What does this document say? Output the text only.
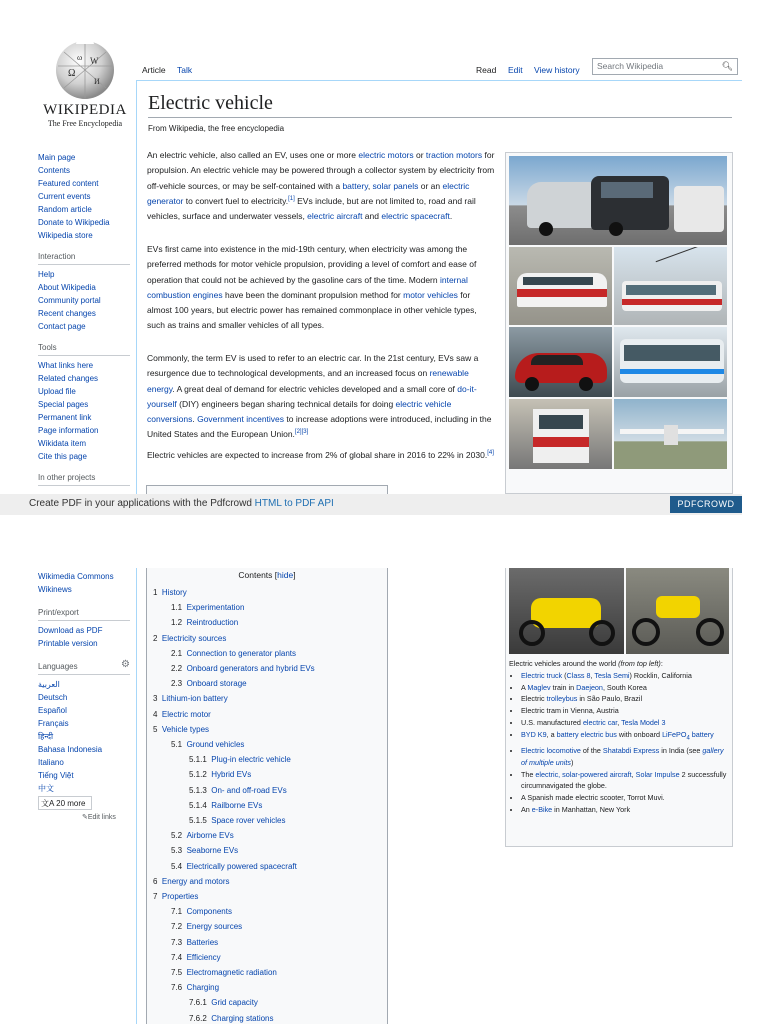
Ω
W
И
ω
WIKIPEDIA
The Free Encyclopedia
Main page
Contents
Featured content
Current events
Random article
Donate to Wikipedia
Wikipedia store
Interaction
Help
About Wikipedia
Community portal
Recent changes
Contact page
Tools
What links here
Related changes
Upload file
Special pages
Permanent link
Page information
Wikidata item
Cite this page
In other projects
Article	Talk	Read	Edit	View history	Search Wikipedia	🔍︎
Electric vehicle
From Wikipedia, the free encyclopedia
An electric vehicle, also called an EV, uses one or more electric motors or traction motors for propulsion. An electric vehicle may be powered through a collector system by electricity from off-vehicle sources, or may be self-contained with a battery, solar panels or an electric generator to convert fuel to electricity.[1] EVs include, but are not limited to, road and rail vehicles, surface and underwater vessels, electric aircraft and electric spacecraft.
EVs first came into existence in the mid-19th century, when electricity was among the preferred methods for motor vehicle propulsion, providing a level of comfort and ease of operation that could not be achieved by the gasoline cars of the time. Modern internal combustion engines have been the dominant propulsion method for motor vehicles for almost 100 years, but electric power has remained commonplace in other vehicle types, such as trains and smaller vehicles of all types.
Commonly, the term EV is used to refer to an electric car. In the 21st century, EVs saw a resurgence due to technological developments, and an increased focus on renewable energy. A great deal of demand for electric vehicles developed and a small core of do-it-yourself (DIY) engineers began sharing technical details for doing electric vehicle conversions. Government incentives to increase adoptions were introduced, including in the United States and the European Union.[2][3]
Electric vehicles are expected to increase from 2% of global share in 2016 to 22% in 2030.[4]
Create PDF in your applications with the Pdfcrowd HTML to PDF API	PDFCROWD
Wikimedia Commons
Wikinews
Print/export
Download as PDF
Printable version
Languages	⚙
العربية
Deutsch
Español
Français
हिन्दी
Bahasa Indonesia
Italiano
Tiếng Việt
中文
文A 20 more
✎Edit links
Contents [hide]
1 History
1.1 Experimentation
1.2 Reintroduction
2 Electricity sources
2.1 Connection to generator plants
2.2 Onboard generators and hybrid EVs
2.3 Onboard storage
3 Lithium-ion battery
4 Electric motor
5 Vehicle types
5.1 Ground vehicles
5.1.1 Plug-in electric vehicle
5.1.2 Hybrid EVs
5.1.3 On- and off-road EVs
5.1.4 Railborne EVs
5.1.5 Space rover vehicles
5.2 Airborne EVs
5.3 Seaborne EVs
5.4 Electrically powered spacecraft
6 Energy and motors
7 Properties
7.1 Components
7.2 Energy sources
7.3 Batteries
7.4 Efficiency
7.5 Electromagnetic radiation
7.6 Charging
7.6.1 Grid capacity
7.6.2 Charging stations
Electric vehicles around the world (from top left):
• Electric truck (Class 8, Tesla Semi) Rocklin, California
• A Maglev train in Daejeon, South Korea
• Electric trolleybus in São Paulo, Brazil
• Electric tram in Vienna, Austria
• U.S. manufactured electric car, Tesla Model 3
• BYD K9, a battery electric bus with onboard LiFePO$_4$ battery
• Electric locomotive of the Shatabdi Express in India (see gallery of multiple units)
• The electric, solar-powered aircraft, Solar Impulse 2 successfully circumnavigated the globe.
• A Spanish made electric scooter, Torrot Muvi.
• An e-Bike in Manhattan, New York
